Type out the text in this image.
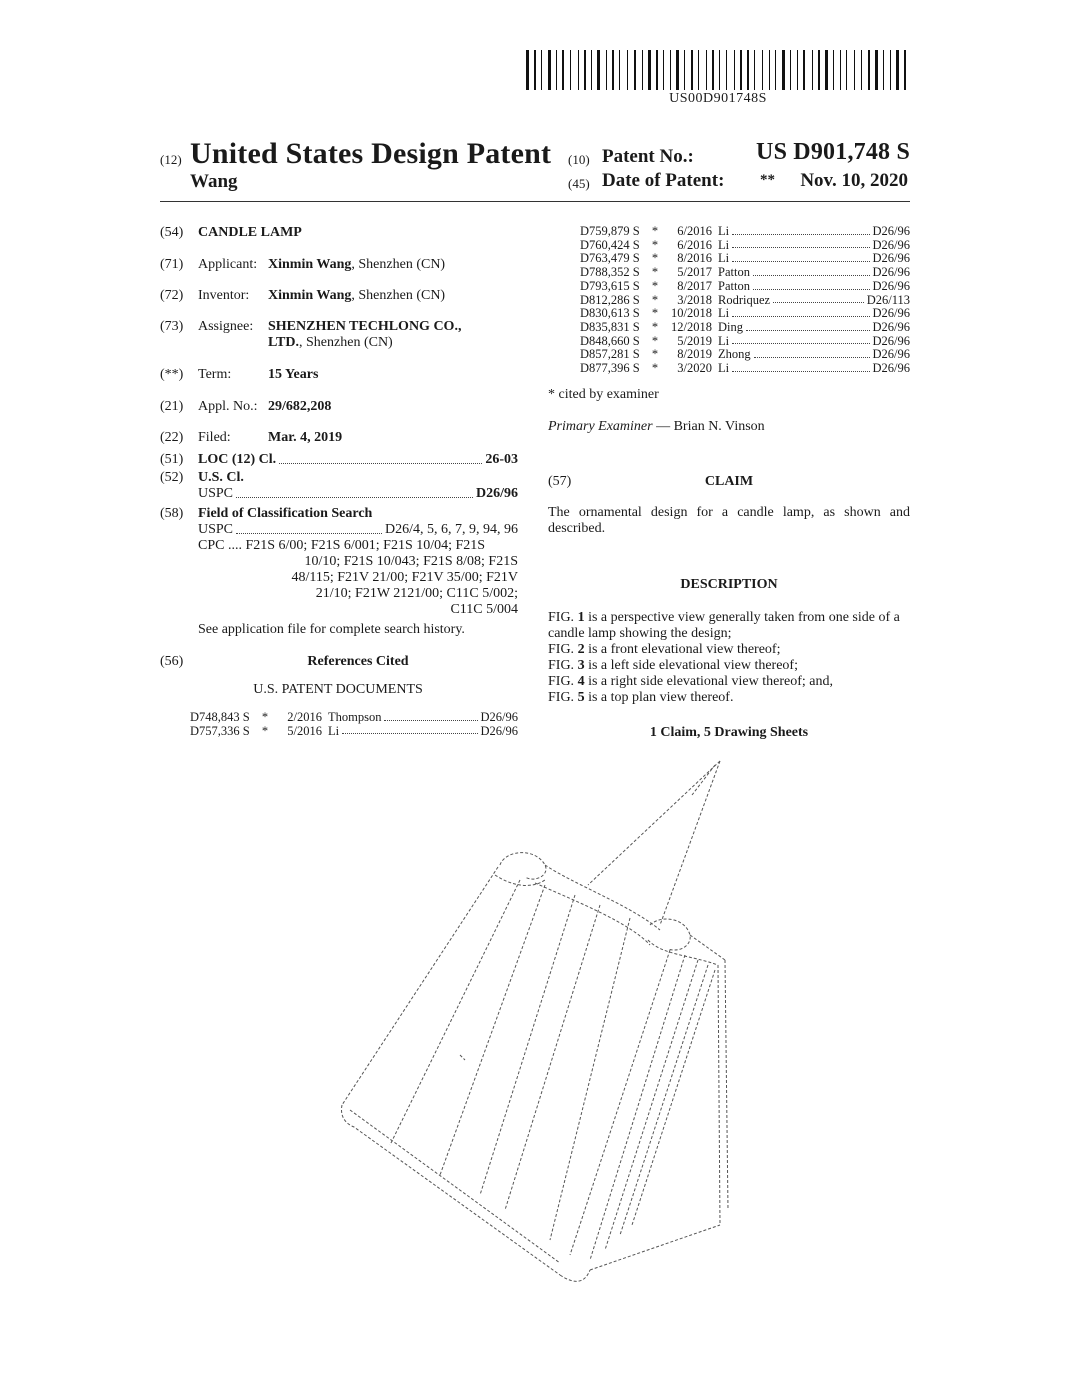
US00D901748S
(12) United States Design Patent
Wang
(10) Patent No.:	US D901,748 S
(45) Date of Patent: ** Nov. 10, 2020
(54) CANDLE LAMP
(71) Applicant: Xinmin Wang, Shenzhen (CN)
(72) Inventor: Xinmin Wang, Shenzhen (CN)
(73) Assignee: SHENZHEN TECHLONG CO.,
LTD., Shenzhen (CN)
(**) Term:	15 Years
(21) Appl. No.: 29/682,208
(22) Filed:	Mar. 4, 2019
(51) LOC (12) Cl.	26-03
(52) U.S. Cl.
USPC	D26/96
(58) Field of Classification Search
USPC	D26/4, 5, 6, 7, 9, 94, 96
CPC .... F21S 6/00; F21S 6/001; F21S 10/04; F21S
10/10; F21S 10/043; F21S 8/08; F21S
48/115; F21V 21/00; F21V 35/00; F21V
21/10; F21W 2121/00; C11C 5/002;
C11C 5/004
See application file for complete search history.
(56)	References Cited
U.S. PATENT DOCUMENTS
D748,843 S *	2/2016 Thompson	D26/96
D757,336 S *	5/2016 Li	D26/96
D759,879 S *	6/2016 Li	D26/96
D760,424 S *	6/2016 Li	D26/96
D763,479 S *	8/2016 Li	D26/96
D788,352 S *	5/2017 Patton	D26/96
D793,615 S *	8/2017 Patton	D26/96
D812,286 S *	3/2018 Rodriquez	D26/113
D830,613 S *	10/2018 Li	D26/96
D835,831 S *	12/2018 Ding	D26/96
D848,660 S *	5/2019 Li	D26/96
D857,281 S *	8/2019 Zhong	D26/96
D877,396 S *	3/2020 Li	D26/96
* cited by examiner
Primary Examiner — Brian N. Vinson
(57)	CLAIM
The ornamental design for a candle lamp, as shown and described.
DESCRIPTION
FIG. 1 is a perspective view generally taken from one side of a candle lamp showing the design;
FIG. 2 is a front elevational view thereof;
FIG. 3 is a left side elevational view thereof;
FIG. 4 is a right side elevational view thereof; and,
FIG. 5 is a top plan view thereof.
1 Claim, 5 Drawing Sheets
